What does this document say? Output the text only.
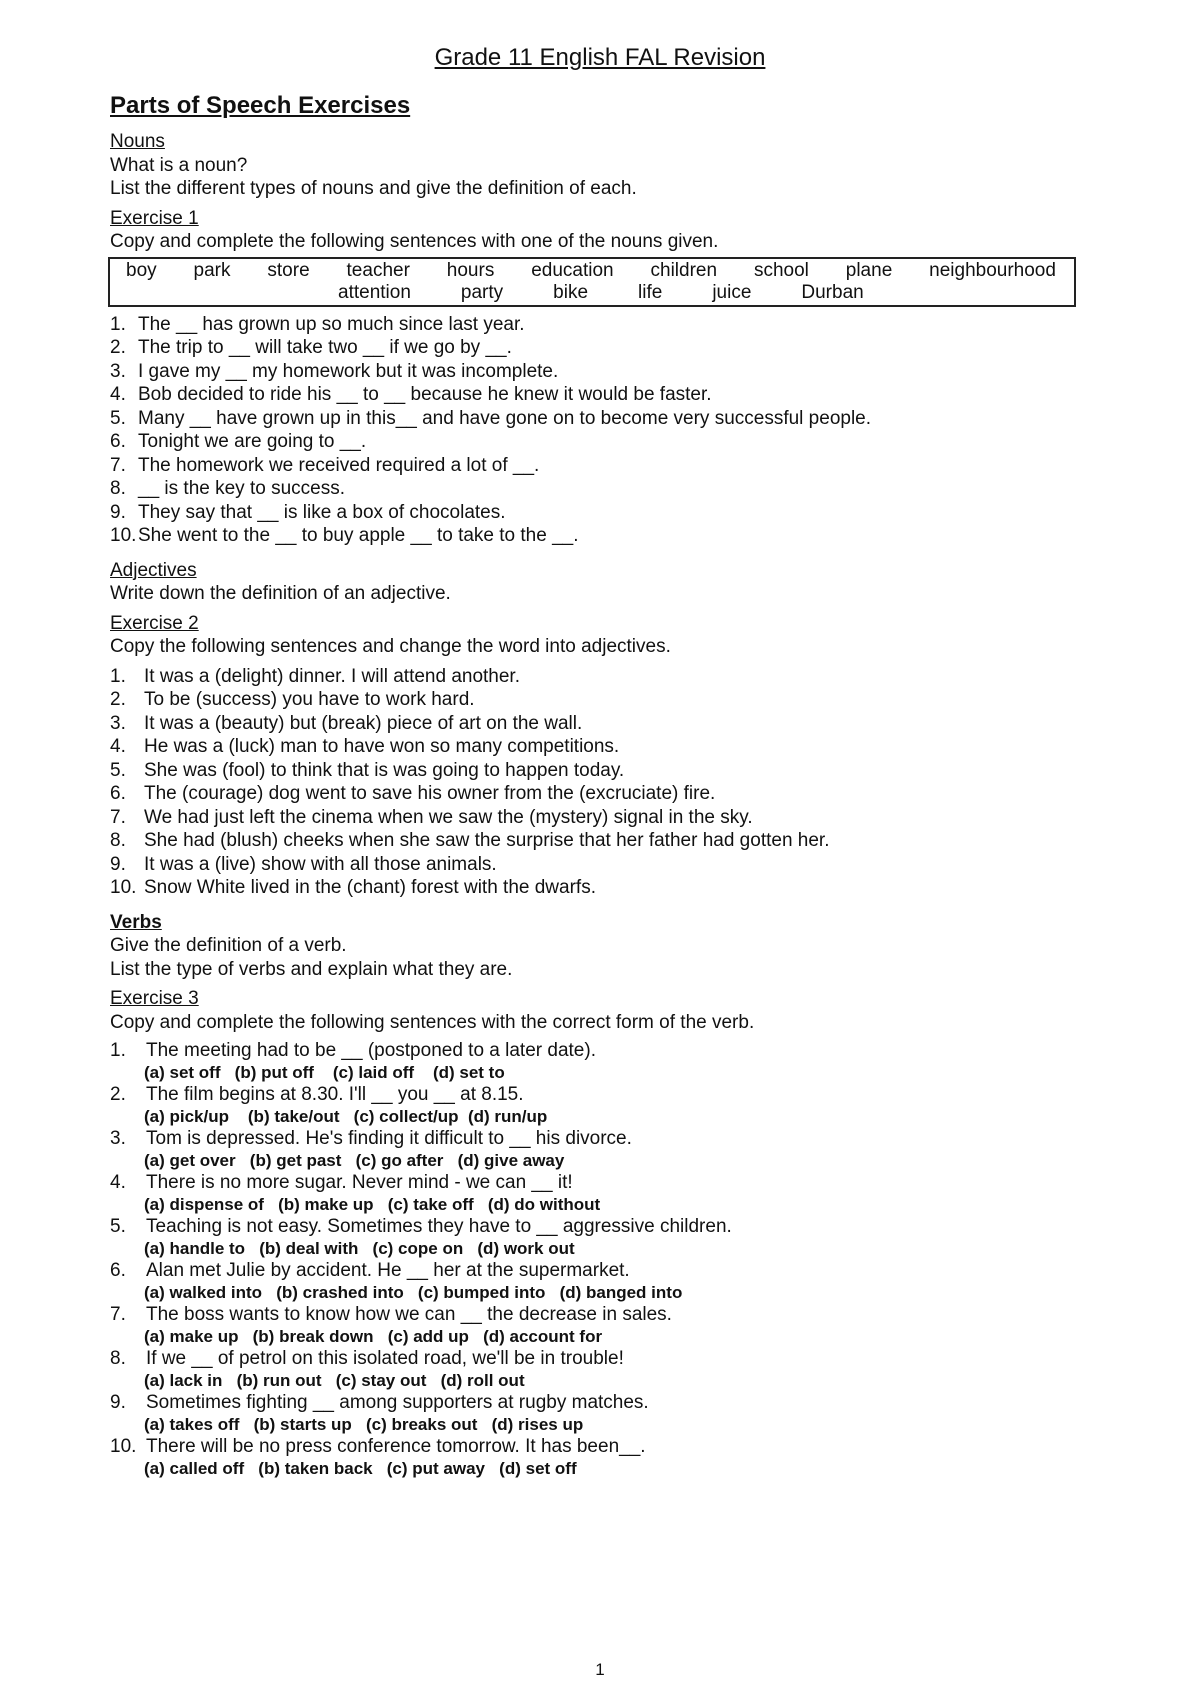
Grade 11 English FAL Revision
Parts of Speech Exercises
Nouns
What is a noun?
List the different types of nouns and give the definition of each.
Exercise 1
Copy and complete the following sentences with one of the nouns given.
boy park store teacher hours education children school plane neighbourhood
attention	party	bike	life	juice	Durban
1. The __ has grown up so much since last year.
2. The trip to __ will take two __ if we go by __.
3. I gave my __ my homework but it was incomplete.
4. Bob decided to ride his __ to __ because he knew it would be faster.
5. Many __ have grown up in this__ and have gone on to become very successful people.
6. Tonight we are going to __.
7. The homework we received required a lot of __.
8. __ is the key to success.
9. They say that __ is like a box of chocolates.
10. She went to the __ to buy apple __ to take to the __.
Adjectives
Write down the definition of an adjective.
Exercise 2
Copy the following sentences and change the word into adjectives.
1. It was a (delight) dinner. I will attend another.
2. To be (success) you have to work hard.
3. It was a (beauty) but (break) piece of art on the wall.
4. He was a (luck) man to have won so many competitions.
5. She was (fool) to think that is was going to happen today.
6. The (courage) dog went to save his owner from the (excruciate) fire.
7. We had just left the cinema when we saw the (mystery) signal in the sky.
8. She had (blush) cheeks when she saw the surprise that her father had gotten her.
9. It was a (live) show with all those animals.
10. Snow White lived in the (chant) forest with the dwarfs.
Verbs
Give the definition of a verb.
List the type of verbs and explain what they are.
Exercise 3
Copy and complete the following sentences with the correct form of the verb.
1.	The meeting had to be __ (postponed to a later date).
(a) set off   (b) put off    (c) laid off    (d) set to
2.	The film begins at 8.30. I'll __ you __ at 8.15.
(a) pick/up    (b) take/out   (c) collect/up  (d) run/up
3.	Tom is depressed. He's finding it difficult to __ his divorce.
(a) get over   (b) get past   (c) go after   (d) give away
4.	There is no more sugar. Never mind - we can __ it!
(a) dispense of   (b) make up   (c) take off   (d) do without
5.	Teaching is not easy. Sometimes they have to __ aggressive children.
(a) handle to   (b) deal with   (c) cope on   (d) work out
6.	Alan met Julie by accident. He __ her at the supermarket.
(a) walked into   (b) crashed into   (c) bumped into   (d) banged into
7.	The boss wants to know how we can __ the decrease in sales.
(a) make up   (b) break down   (c) add up   (d) account for
8.	If we __ of petrol on this isolated road, we'll be in trouble!
(a) lack in   (b) run out   (c) stay out   (d) roll out
9.	Sometimes fighting __ among supporters at rugby matches.
(a) takes off   (b) starts up   (c) breaks out   (d) rises up
10. There will be no press conference tomorrow. It has been__.
(a) called off   (b) taken back   (c) put away   (d) set off
1
